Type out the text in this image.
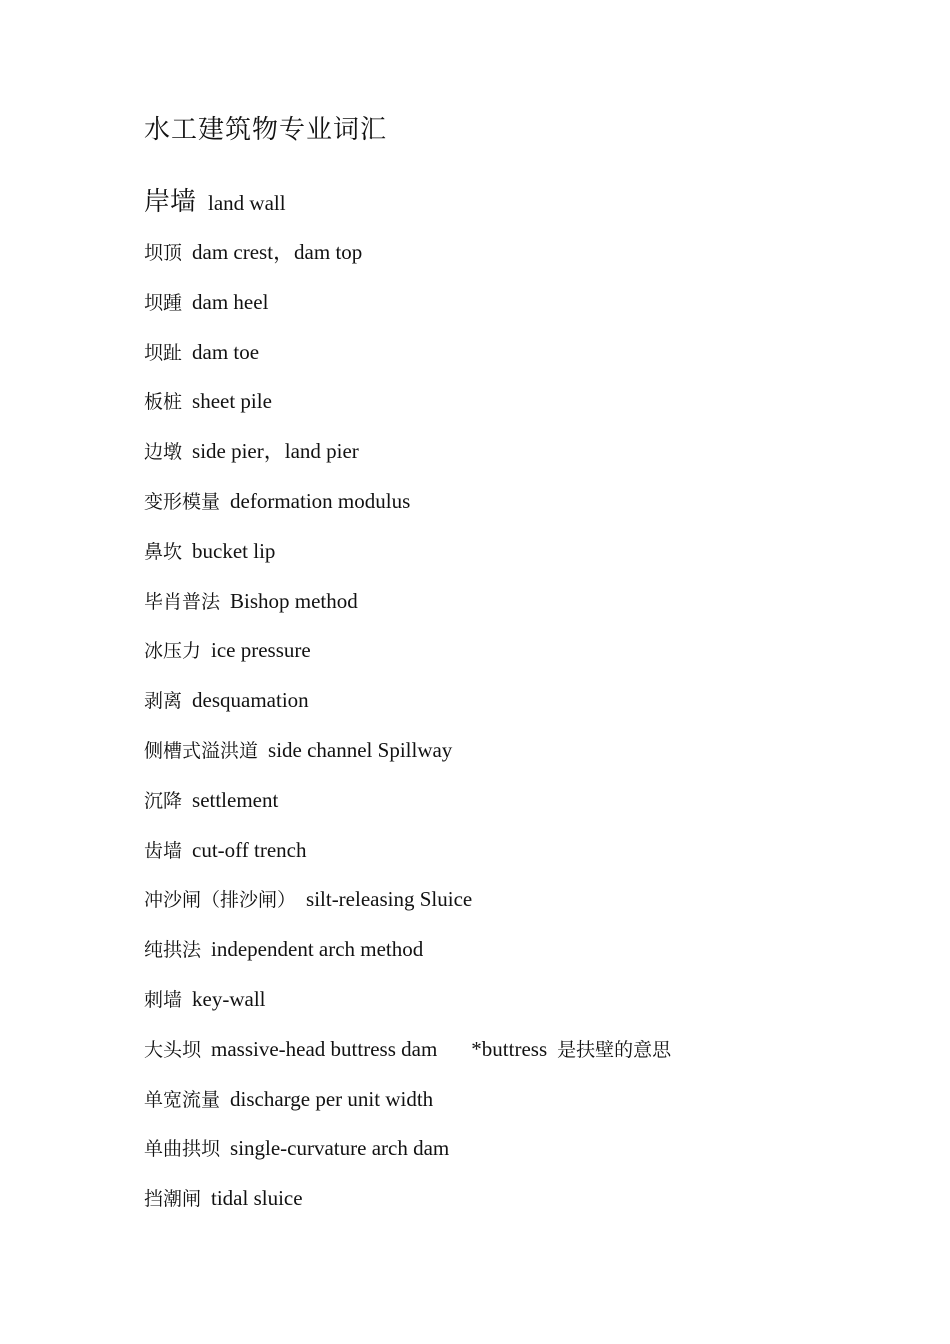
水工建筑物专业词汇
岸墙 land wall
坝顶 dam crest，dam top
坝踵 dam heel
坝趾 dam toe
板桩 sheet pile
边墩 side pier，land pier
变形模量 deformation modulus
鼻坎 bucket lip
毕肖普法 Bishop method
冰压力 ice pressure
剥离 desquamation
侧槽式溢洪道 side channel Spillway
沉降 settlement
齿墙 cut-off trench
冲沙闸（排沙闸） silt-releasing Sluice
纯拱法 independent arch method
刺墙 key-wall
大头坝 massive-head buttress dam *buttress 是扶壁的意思
单宽流量 discharge per unit width
单曲拱坝 single-curvature arch dam
挡潮闸 tidal sluice
